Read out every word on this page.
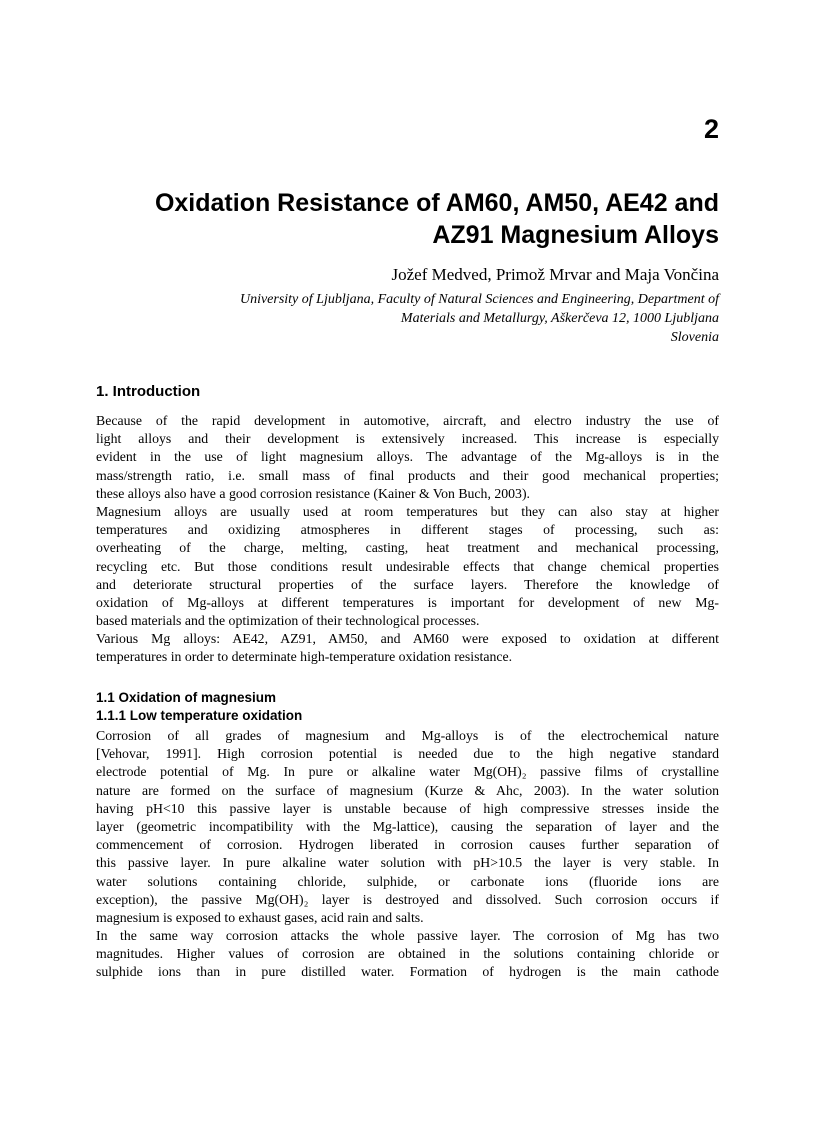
2
Oxidation Resistance of AM60, AM50, AE42 and
AZ91 Magnesium Alloys
Jožef Medved, Primož Mrvar and Maja Vončina
University of Ljubljana, Faculty of Natural Sciences and Engineering, Department of
Materials and Metallurgy, Aškerčeva 12, 1000 Ljubljana
Slovenia
1. Introduction
Because of the rapid development in automotive, aircraft, and electro industry the use of
light alloys and their development is extensively increased. This increase is especially
evident in the use of light magnesium alloys. The advantage of the Mg-alloys is in the
mass/strength ratio, i.e. small mass of final products and their good mechanical properties;
these alloys also have a good corrosion resistance (Kainer & Von Buch, 2003).
Magnesium alloys are usually used at room temperatures but they can also stay at higher
temperatures and oxidizing atmospheres in different stages of processing, such as:
overheating of the charge, melting, casting, heat treatment and mechanical processing,
recycling etc. But those conditions result undesirable effects that change chemical properties
and deteriorate structural properties of the surface layers. Therefore the knowledge of
oxidation of Mg-alloys at different temperatures is important for development of new Mg-
based materials and the optimization of their technological processes.
Various Mg alloys: AE42, AZ91, AM50, and AM60 were exposed to oxidation at different
temperatures in order to determinate high-temperature oxidation resistance.
1.1 Oxidation of magnesium
1.1.1 Low temperature oxidation
Corrosion of all grades of magnesium and Mg-alloys is of the electrochemical nature
[Vehovar, 1991]. High corrosion potential is needed due to the high negative standard
electrode potential of Mg. In pure or alkaline water Mg(OH)₂ passive films of crystalline
nature are formed on the surface of magnesium (Kurze & Ahc, 2003). In the water solution
having pH<10 this passive layer is unstable because of high compressive stresses inside the
layer (geometric incompatibility with the Mg-lattice), causing the separation of layer and the
commencement of corrosion. Hydrogen liberated in corrosion causes further separation of
this passive layer. In pure alkaline water solution with pH>10.5 the layer is very stable. In
water solutions containing chloride, sulphide, or carbonate ions (fluoride ions are
exception), the passive Mg(OH)₂ layer is destroyed and dissolved. Such corrosion occurs if
magnesium is exposed to exhaust gases, acid rain and salts.
In the same way corrosion attacks the whole passive layer. The corrosion of Mg has two
magnitudes. Higher values of corrosion are obtained in the solutions containing chloride or
sulphide ions than in pure distilled water. Formation of hydrogen is the main cathode
